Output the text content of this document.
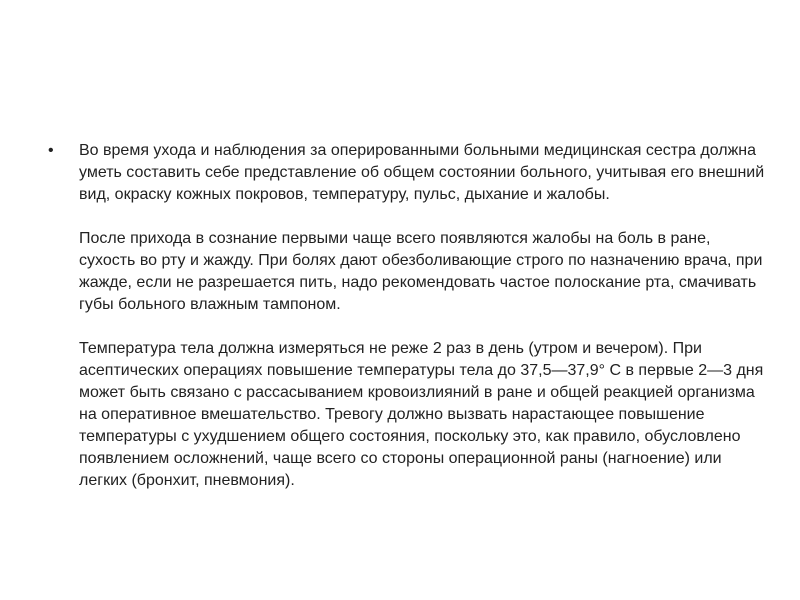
• Во время ухода и наблюдения за оперированными больными медицинская сестра должна уметь составить себе представление об общем состоянии больного, учитывая его внешний вид, окраску кожных покровов, температуру, пульс, дыхание и жалобы.

После прихода в сознание первыми чаще всего появляются жалобы на боль в ране, сухость во рту и жажду. При болях дают обезболивающие строго по назначению врача, при жажде, если не разрешается пить, надо рекомендовать частое полоскание рта, смачивать губы больного влажным тампоном.

Температура тела должна измеряться не реже 2 раз в день (утром и вечером). При асептических операциях повышение температуры тела до 37,5—37,9° С в первые 2—3 дня может быть связано с рассасыванием кровоизлияний в ране и общей реакцией организма на оперативное вмешательство. Тревогу должно вызвать нарастающее повышение температуры с ухудшением общего состояния, поскольку это, как правило, обусловлено появлением осложнений, чаще всего со стороны операционной раны (нагноение) или легких (бронхит, пневмония).
